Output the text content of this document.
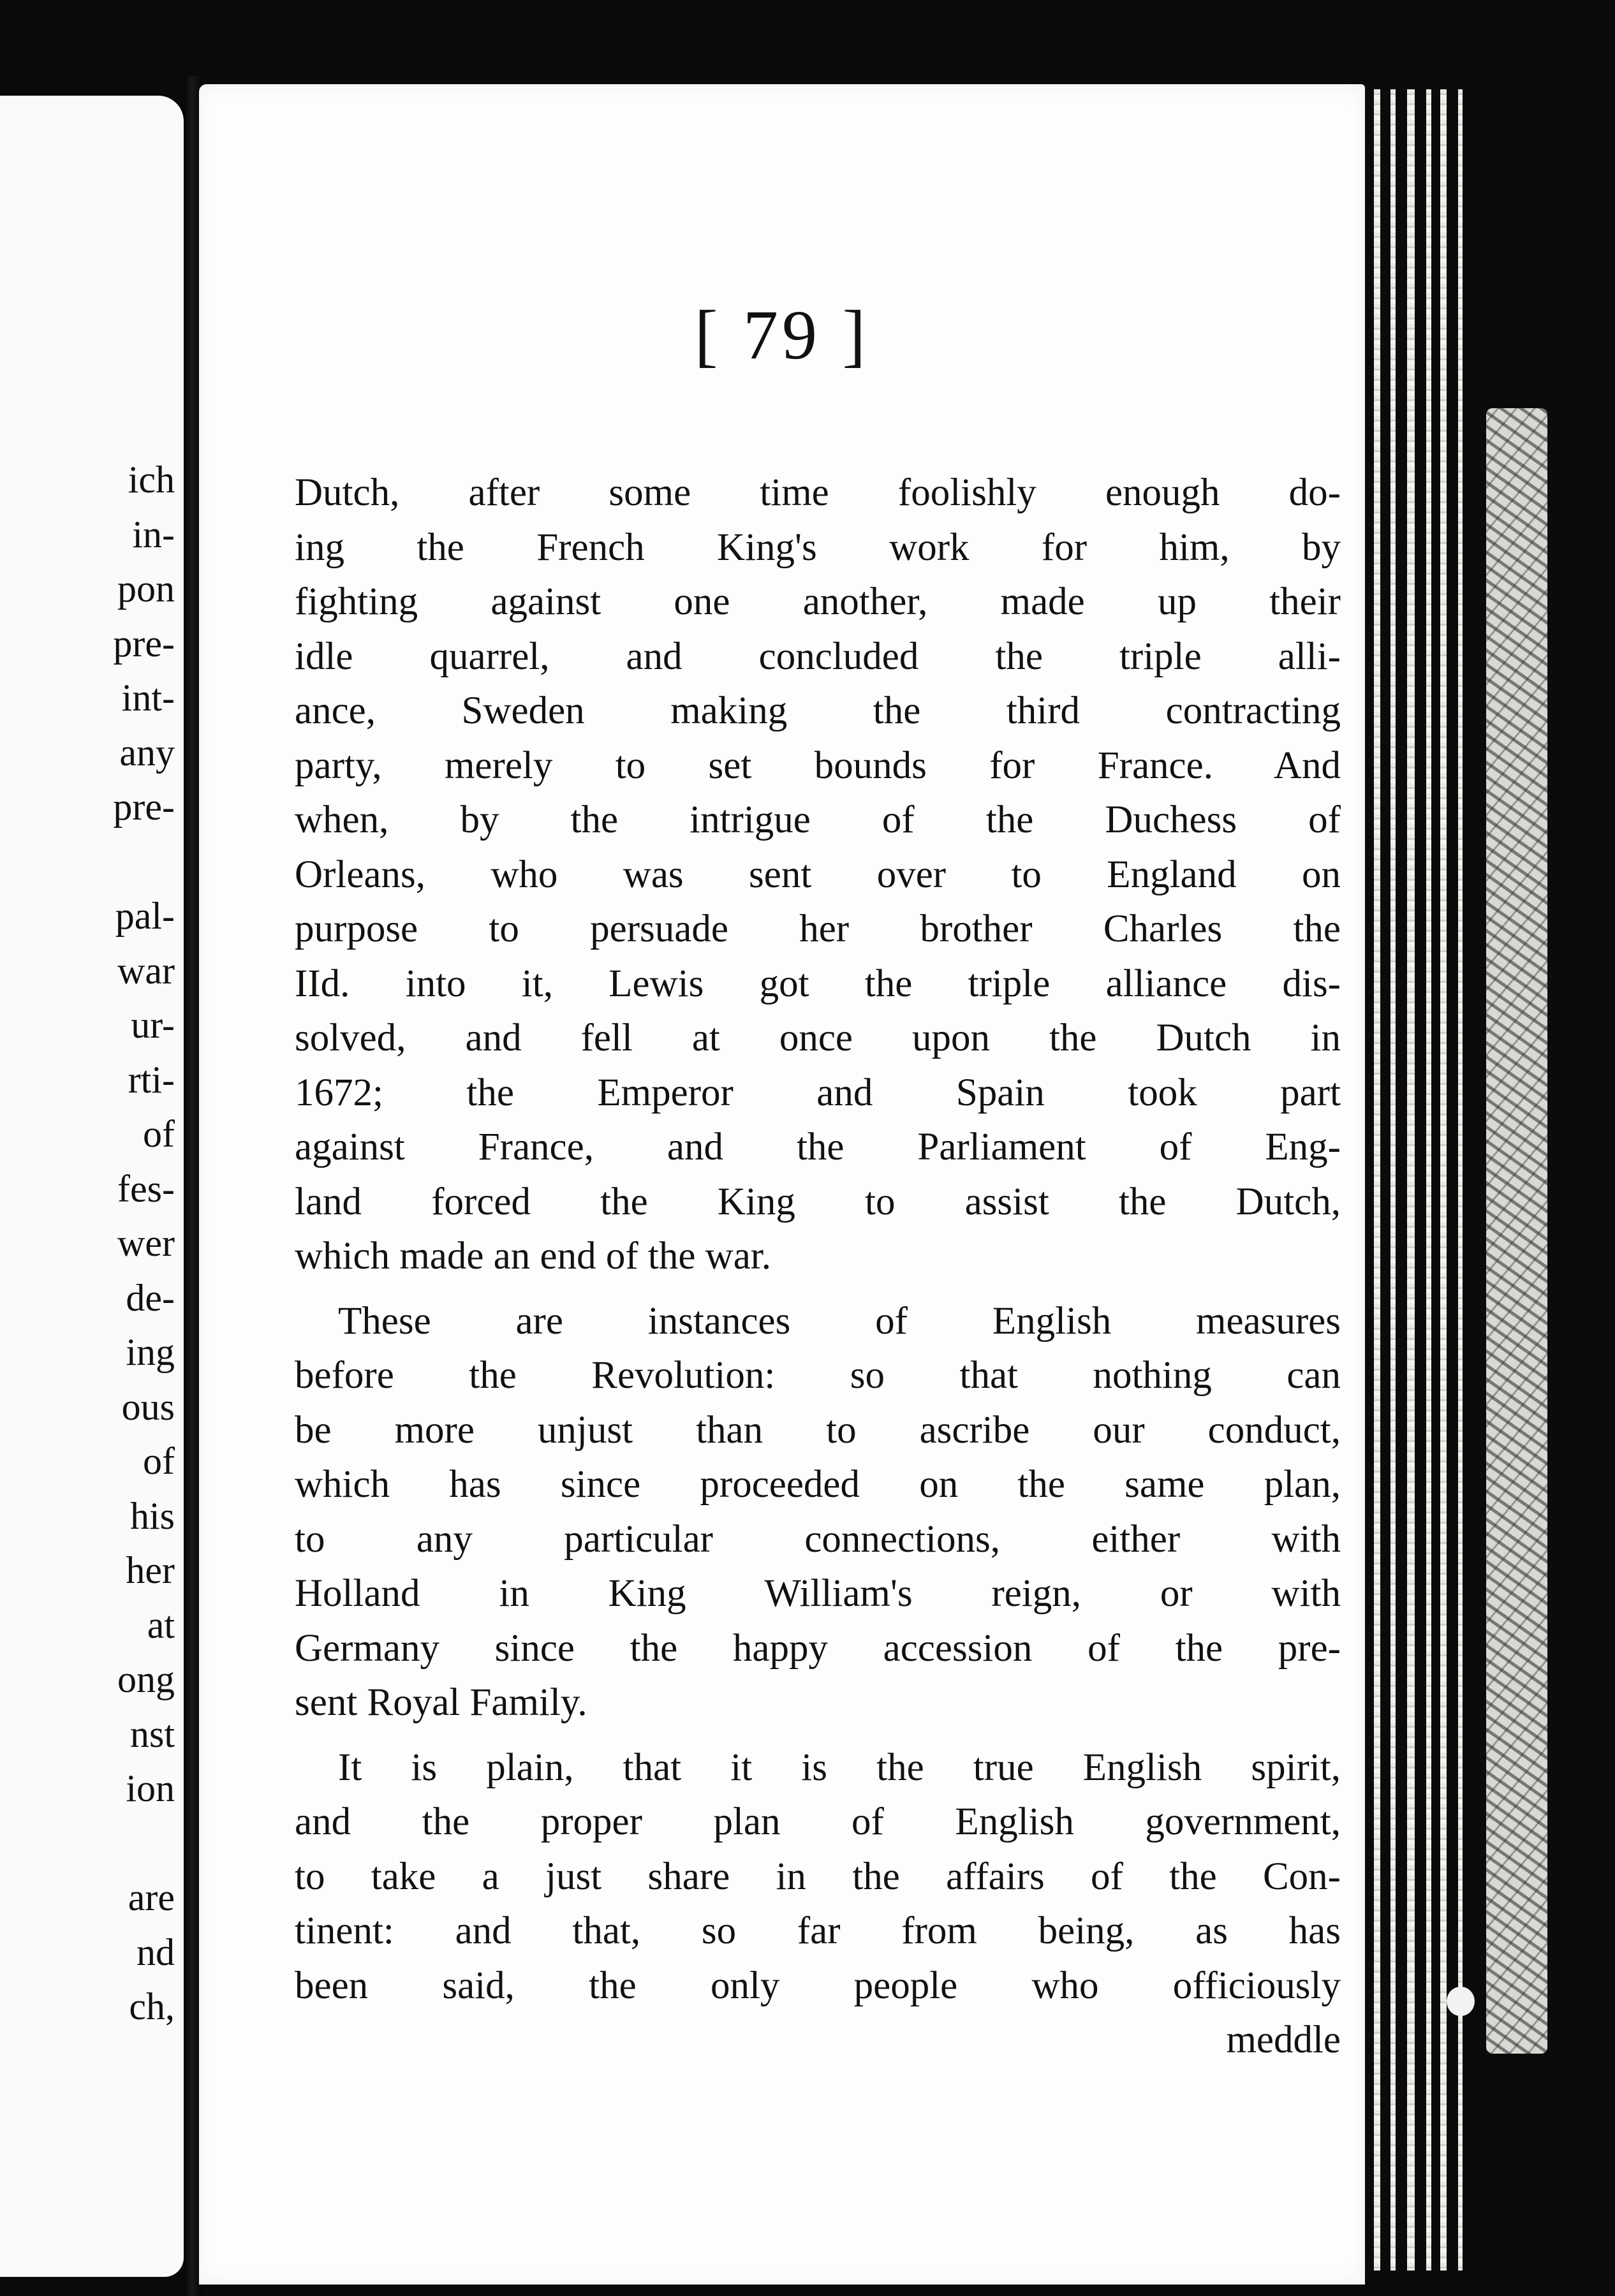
ich
in-
pon
pre-
int-
any
pre-
pal-
war
ur-
rti-
of
fes-
wer
de-
ing
ous
of
his
her
at
ong
nst
ion
are
nd
ch,
[ 79 ]
Dutch, after some time foolishly enough do-
ing the French King's work for him, by
fighting against one another, made up their
idle quarrel, and concluded the triple alli-
ance, Sweden making the third contracting
party, merely to set bounds for France. And
when, by the intrigue of the Duchess of
Orleans, who was sent over to England on
purpose to persuade her brother Charles the
IId. into it, Lewis got the triple alliance dis-
solved, and fell at once upon the Dutch in
1672; the Emperor and Spain took part
against France, and the Parliament of Eng-
land forced the King to assist the Dutch,
which made an end of the war.
These are instances of English measures
before the Revolution: so that nothing can
be more unjust than to ascribe our conduct,
which has since proceeded on the same plan,
to any particular connections, either with
Holland in King William's reign, or with
Germany since the happy accession of the pre-
sent Royal Family.
It is plain, that it is the true English spirit,
and the proper plan of English government,
to take a just share in the affairs of the Con-
tinent: and that, so far from being, as has
been said, the only people who officiously
meddle
